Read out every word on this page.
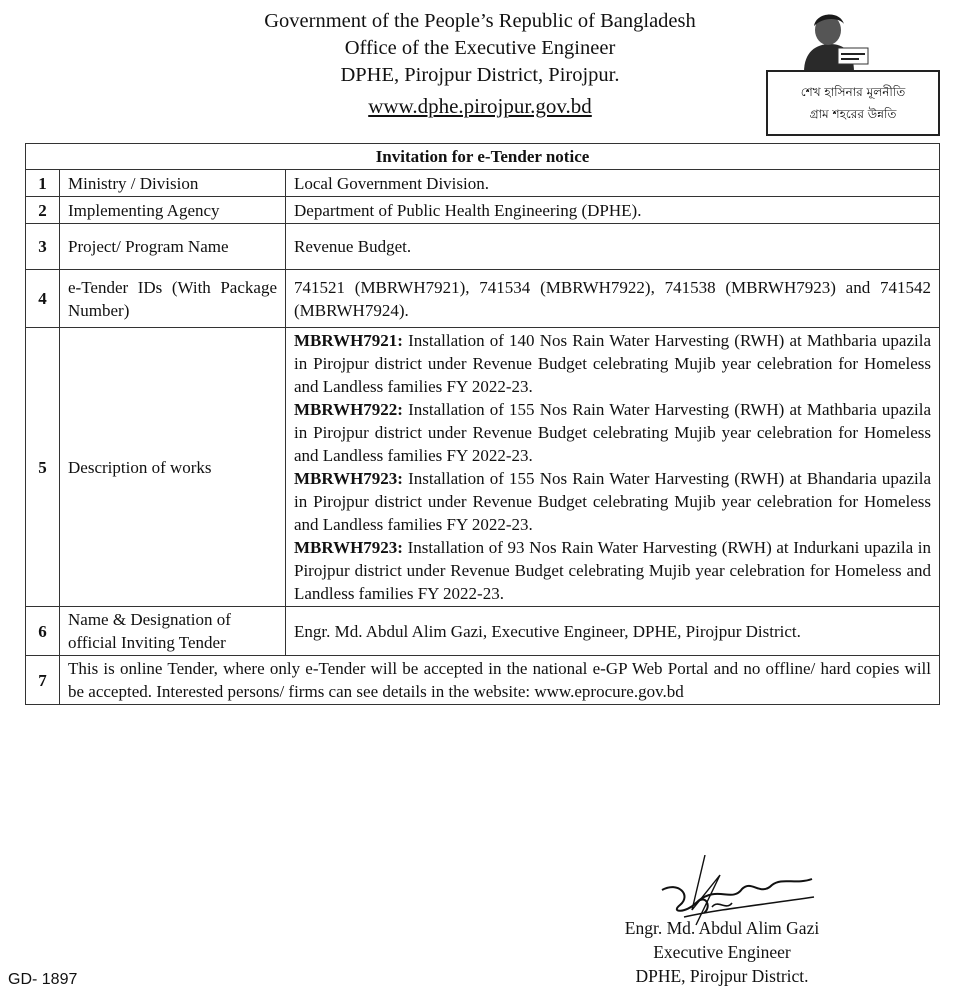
Government of the People’s Republic of Bangladesh
Office of the Executive Engineer
DPHE, Pirojpur District, Pirojpur.
www.dphe.pirojpur.gov.bd
শেখ হাসিনার মূলনীতি
গ্রাম শহরের উন্নতি
Invitation for e-Tender notice		
1	Ministry / Division	Local Government Division.
2	Implementing Agency	Department of Public Health Engineering (DPHE).
3	Project/ Program Name	Revenue Budget.
4	e-Tender IDs (With Package Number)	741521 (MBRWH7921), 741534 (MBRWH7922), 741538 (MBRWH7923) and 741542 (MBRWH7924).
5	Description of works	MBRWH7921: Installation of 140 Nos Rain Water Harvesting (RWH) at Mathbaria upazila in Pirojpur district under Revenue Budget celebrating Mujib year celebration for Homeless and Landless families FY 2022-23.

MBRWH7922: Installation of 155 Nos Rain Water Harvesting (RWH) at Mathbaria upazila in Pirojpur district under Revenue Budget celebrating Mujib year celebration for Homeless and Landless families FY 2022-23.

MBRWH7923: Installation of 155 Nos Rain Water Harvesting (RWH) at Bhandaria upazila in Pirojpur district under Revenue Budget celebrating Mujib year celebration for Homeless and Landless families FY 2022-23.

MBRWH7923: Installation of 93 Nos Rain Water Harvesting (RWH) at Indurkani upazila in Pirojpur district under Revenue Budget celebrating Mujib year celebration for Homeless and Landless families FY 2022-23.

6	Name & Designation of official Inviting Tender	Engr. Md. Abdul Alim Gazi, Executive Engineer, DPHE, Pirojpur District.
7	This is online Tender, where only e-Tender will be accepted in the national e-GP Web Portal and no offline/ hard copies will be accepted. Interested persons/ firms can see details in the website: www.eprocure.gov.bd	
Engr. Md. Abdul Alim Gazi
Executive Engineer
DPHE, Pirojpur District.
GD- 1897
